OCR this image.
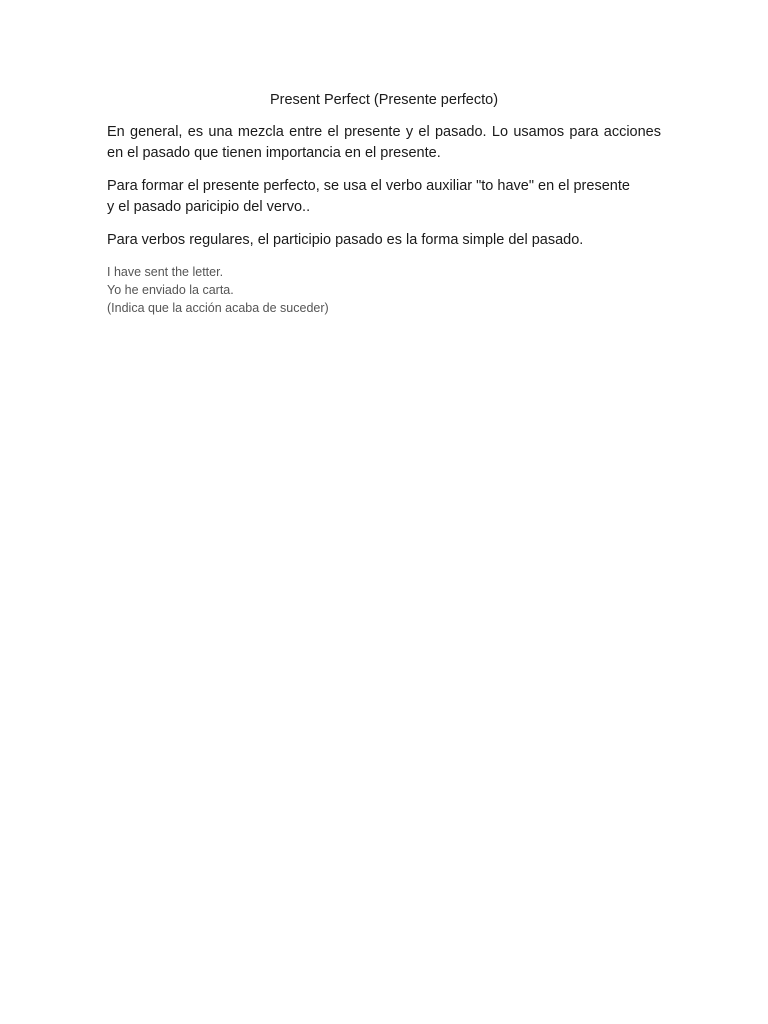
Present Perfect (Presente perfecto)

En general, es una mezcla entre el presente y el pasado. Lo usamos para acciones en el pasado que tienen importancia en el presente.

Para formar el presente perfecto, se usa el verbo auxiliar "to have" en el presente
y el pasado paricipio del vervo..

Para verbos regulares, el participio pasado es la forma simple del pasado.

I have sent the letter.
Yo he enviado la carta.
(Indica que la acción acaba de suceder)
